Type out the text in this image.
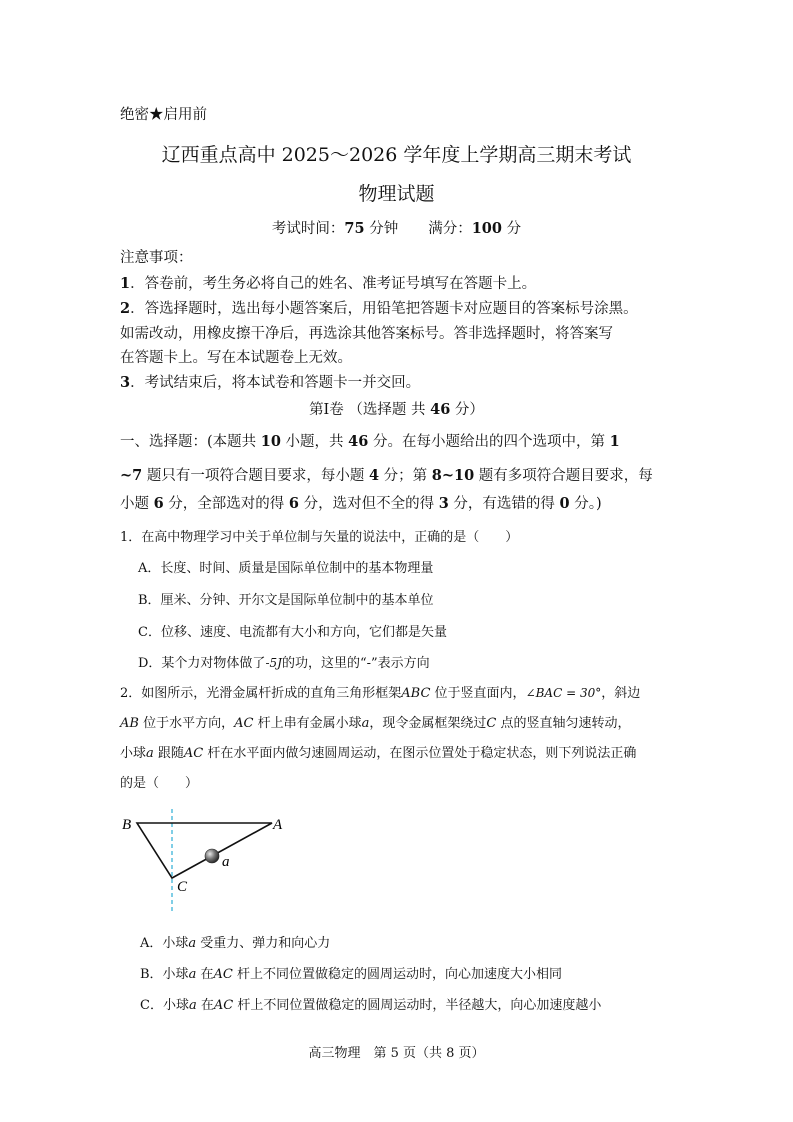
绝密★启用前
辽西重点高中 2025～2026 学年度上学期高三期末考试
物理试题
考试时间：75 分钟 满分：100 分
注意事项：
1．答卷前，考生务必将自己的姓名、准考证号填写在答题卡上。
2．答选择题时，选出每小题答案后，用铅笔把答题卡对应题目的答案标号涂黑。
如需改动，用橡皮擦干净后，再选涂其他答案标号。答非选择题时，将答案写
在答题卡上。写在本试题卷上无效。
3．考试结束后，将本试卷和答题卡一并交回。
第Ⅰ卷 （选择题 共 46 分）
一、选择题：(本题共 10 小题，共 46 分。在每小题给出的四个选项中，第 1
~7 题只有一项符合题目要求，每小题 4 分；第 8~10 题有多项符合题目要求，每
小题 6 分，全部选对的得 6 分，选对但不全的得 3 分，有选错的得 0 分。)
1．在高中物理学习中关于单位制与矢量的说法中，正确的是（　　）
A．长度、时间、质量是国际单位制中的基本物理量
B．厘米、分钟、开尔文是国际单位制中的基本单位
C．位移、速度、电流都有大小和方向，它们都是矢量
D．某个力对物体做了-5J的功，这里的“-”表示方向
2．如图所示，光滑金属杆折成的直角三角形框架ABC 位于竖直面内，∠BAC = 30°，斜边
AB 位于水平方向，AC 杆上串有金属小球a，现令金属框架绕过C 点的竖直轴匀速转动，
小球a 跟随AC 杆在水平面内做匀速圆周运动，在图示位置处于稳定状态，则下列说法正确
的是（　　）
B	A
C
a
A．小球a 受重力、弹力和向心力
B．小球a 在AC 杆上不同位置做稳定的圆周运动时，向心加速度大小相同
C．小球a 在AC 杆上不同位置做稳定的圆周运动时，半径越大，向心加速度越小
高三物理　第 5 页（共 8 页）
